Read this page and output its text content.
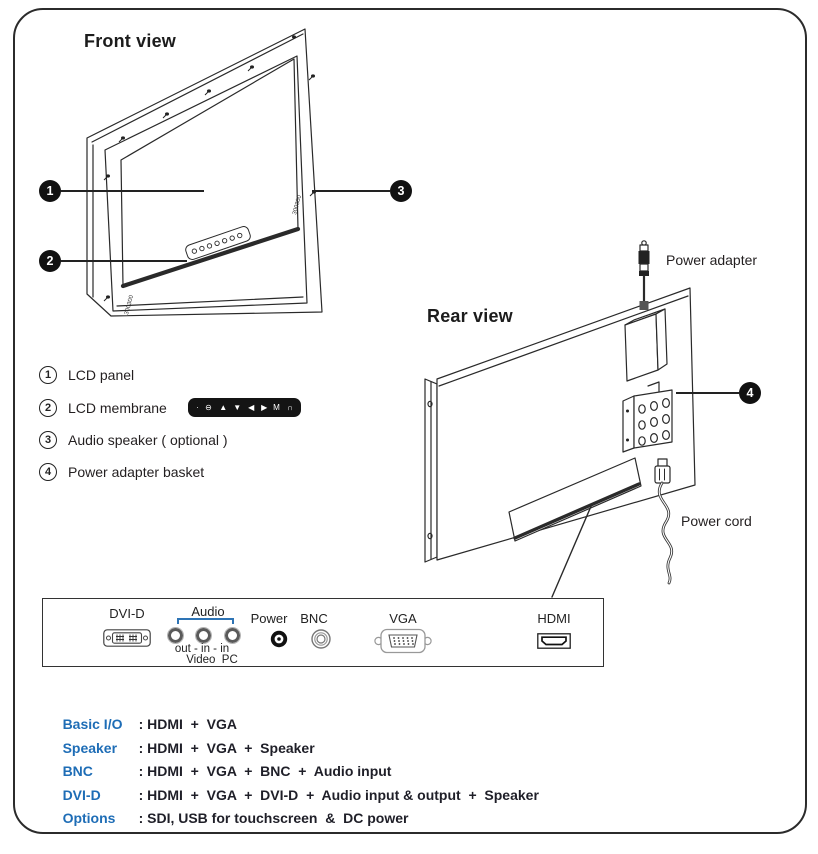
Front view
300300
300300
1
2
3
1	LCD panel
2	LCD membrane	· ⊖ ▲ ▼ ◀ ▶ M ∩
3	Audio speaker ( optional )
4	Power adapter basket
Rear view
Power adapter
Power cord
4
DVI-D	Audio
out - in - in
Video  PC
Power BNC	VGA	HDMI

Basic I/O : HDMI  +  VGA

Speaker : HDMI  +  VGA  +  Speaker

BNC	: HDMI  +  VGA  +  BNC  +  Audio input

DVI-D	: HDMI  +  VGA  +  DVI-D  +  Audio input & output  +  Speaker

Options : SDI, USB for touchscreen  &  DC power
